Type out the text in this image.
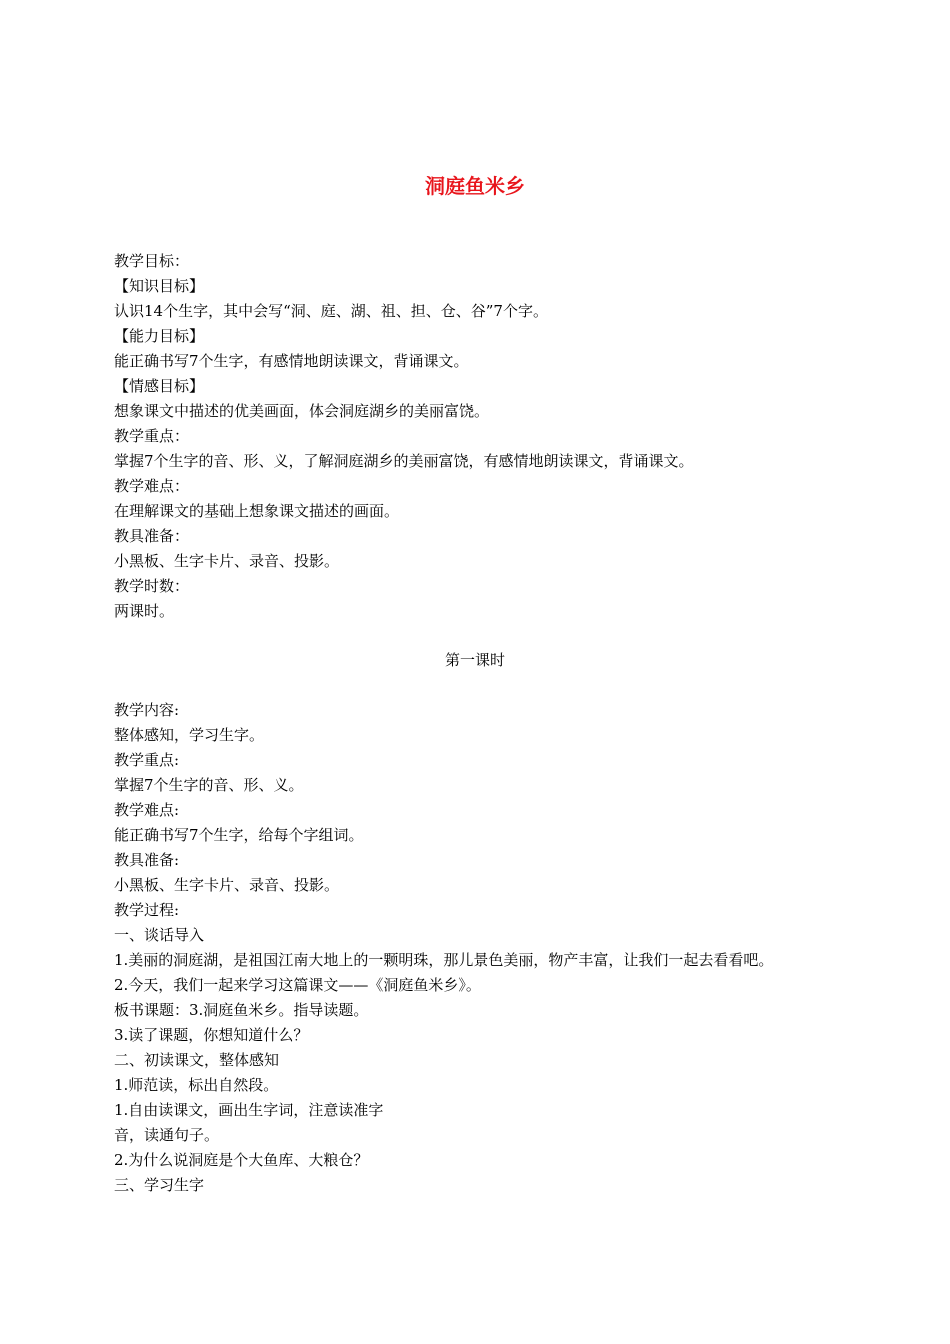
洞庭鱼米乡
教学目标：
【知识目标】
认识14个生字，其中会写“洞、庭、湖、祖、担、仓、谷”7个字。
【能力目标】
能正确书写7个生字，有感情地朗读课文，背诵课文。
【情感目标】
想象课文中描述的优美画面，体会洞庭湖乡的美丽富饶。
教学重点：
掌握7个生字的音、形、义，了解洞庭湖乡的美丽富饶，有感情地朗读课文，背诵课文。
教学难点：
在理解课文的基础上想象课文描述的画面。
教具准备：
小黑板、生字卡片、录音、投影。
教学时数：
两课时。
第一课时
教学内容:
整体感知，学习生字。
教学重点:
掌握7个生字的音、形、义。
教学难点:
能正确书写7个生字，给每个字组词。
教具准备:
小黑板、生字卡片、录音、投影。
教学过程:
一、谈话导入
1.美丽的洞庭湖，是祖国江南大地上的一颗明珠，那儿景色美丽，物产丰富，让我们一起去看看吧。
2.今天，我们一起来学习这篇课文——《洞庭鱼米乡》。
板书课题：3.洞庭鱼米乡。指导读题。
3.读了课题，你想知道什么？
二、初读课文，整体感知
1.师范读，标出自然段。
1.自由读课文，画出生字词，注意读准字
音，读通句子。
2.为什么说洞庭是个大鱼库、大粮仓？
三、学习生字
